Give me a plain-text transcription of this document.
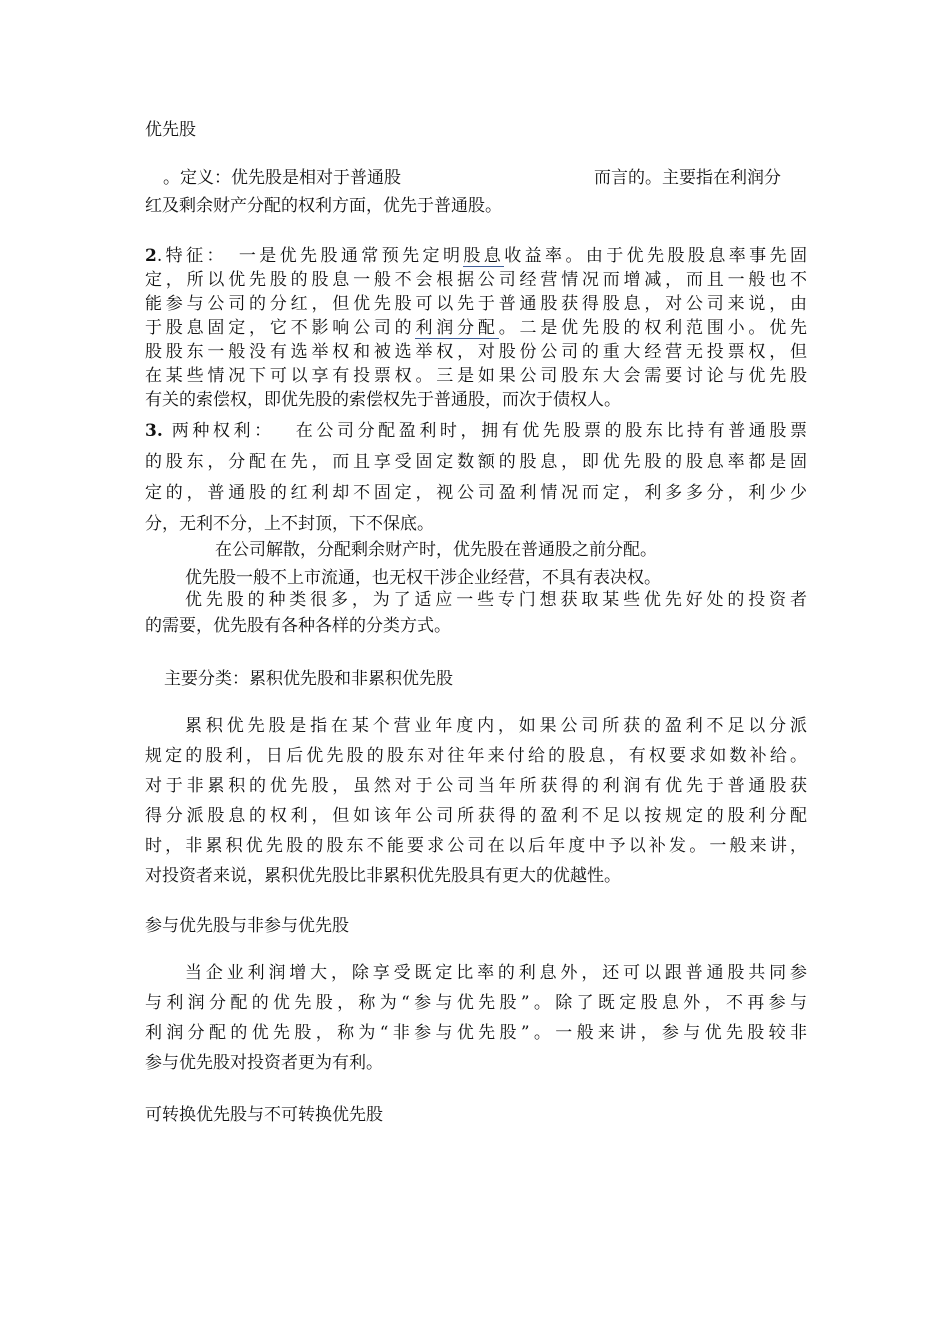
优先股
。定义：优先股是相对于普通股	而言的。主要指在利润分

红及剩余财产分配的权利方面，优先于普通股。
2.特征：　一是优先股通常预先定明股息收益率。由于优先股股息率事先固
定，所以优先股的股息一般不会根据公司经营情况而增减，而且一般也不
能参与公司的分红，但优先股可以先于普通股获得股息，对公司来说，由
于股息固定，它不影响公司的利润分配。二是优先股的权利范围小。优先
股股东一般没有选举权和被选举权，对股份公司的重大经营无投票权，但
在某些情况下可以享有投票权。三是如果公司股东大会需要讨论与优先股
有关的索偿权，即优先股的索偿权先于普通股，而次于债权人。
3. 两种权利：　 在公司分配盈利时，拥有优先股票的股东比持有普通股票
的股东，分配在先，而且享受固定数额的股息，即优先股的股息率都是固
定的，普通股的红利却不固定，视公司盈利情况而定，利多多分，利少少
分，无利不分，上不封顶，下不保底。
在公司解散，分配剩余财产时，优先股在普通股之前分配。
优先股一般不上市流通，也无权干涉企业经营，不具有表决权。
优先股的种类很多，为了适应一些专门想获取某些优先好处的投资者
的需要，优先股有各种各样的分类方式。
主要分类：累积优先股和非累积优先股
累积优先股是指在某个营业年度内，如果公司所获的盈利不足以分派
规定的股利，日后优先股的股东对往年来付给的股息，有权要求如数补给。
对于非累积的优先股，虽然对于公司当年所获得的利润有优先于普通股获
得分派股息的权利，但如该年公司所获得的盈利不足以按规定的股利分配
时，非累积优先股的股东不能要求公司在以后年度中予以补发。一般来讲，
对投资者来说，累积优先股比非累积优先股具有更大的优越性。
参与优先股与非参与优先股
当企业利润增大，除享受既定比率的利息外，还可以跟普通股共同参
与利润分配的优先股，称为“参与优先股”。除了既定股息外，不再参与
利润分配的优先股，称为“非参与优先股”。一般来讲，参与优先股较非
参与优先股对投资者更为有利。
可转换优先股与不可转换优先股
